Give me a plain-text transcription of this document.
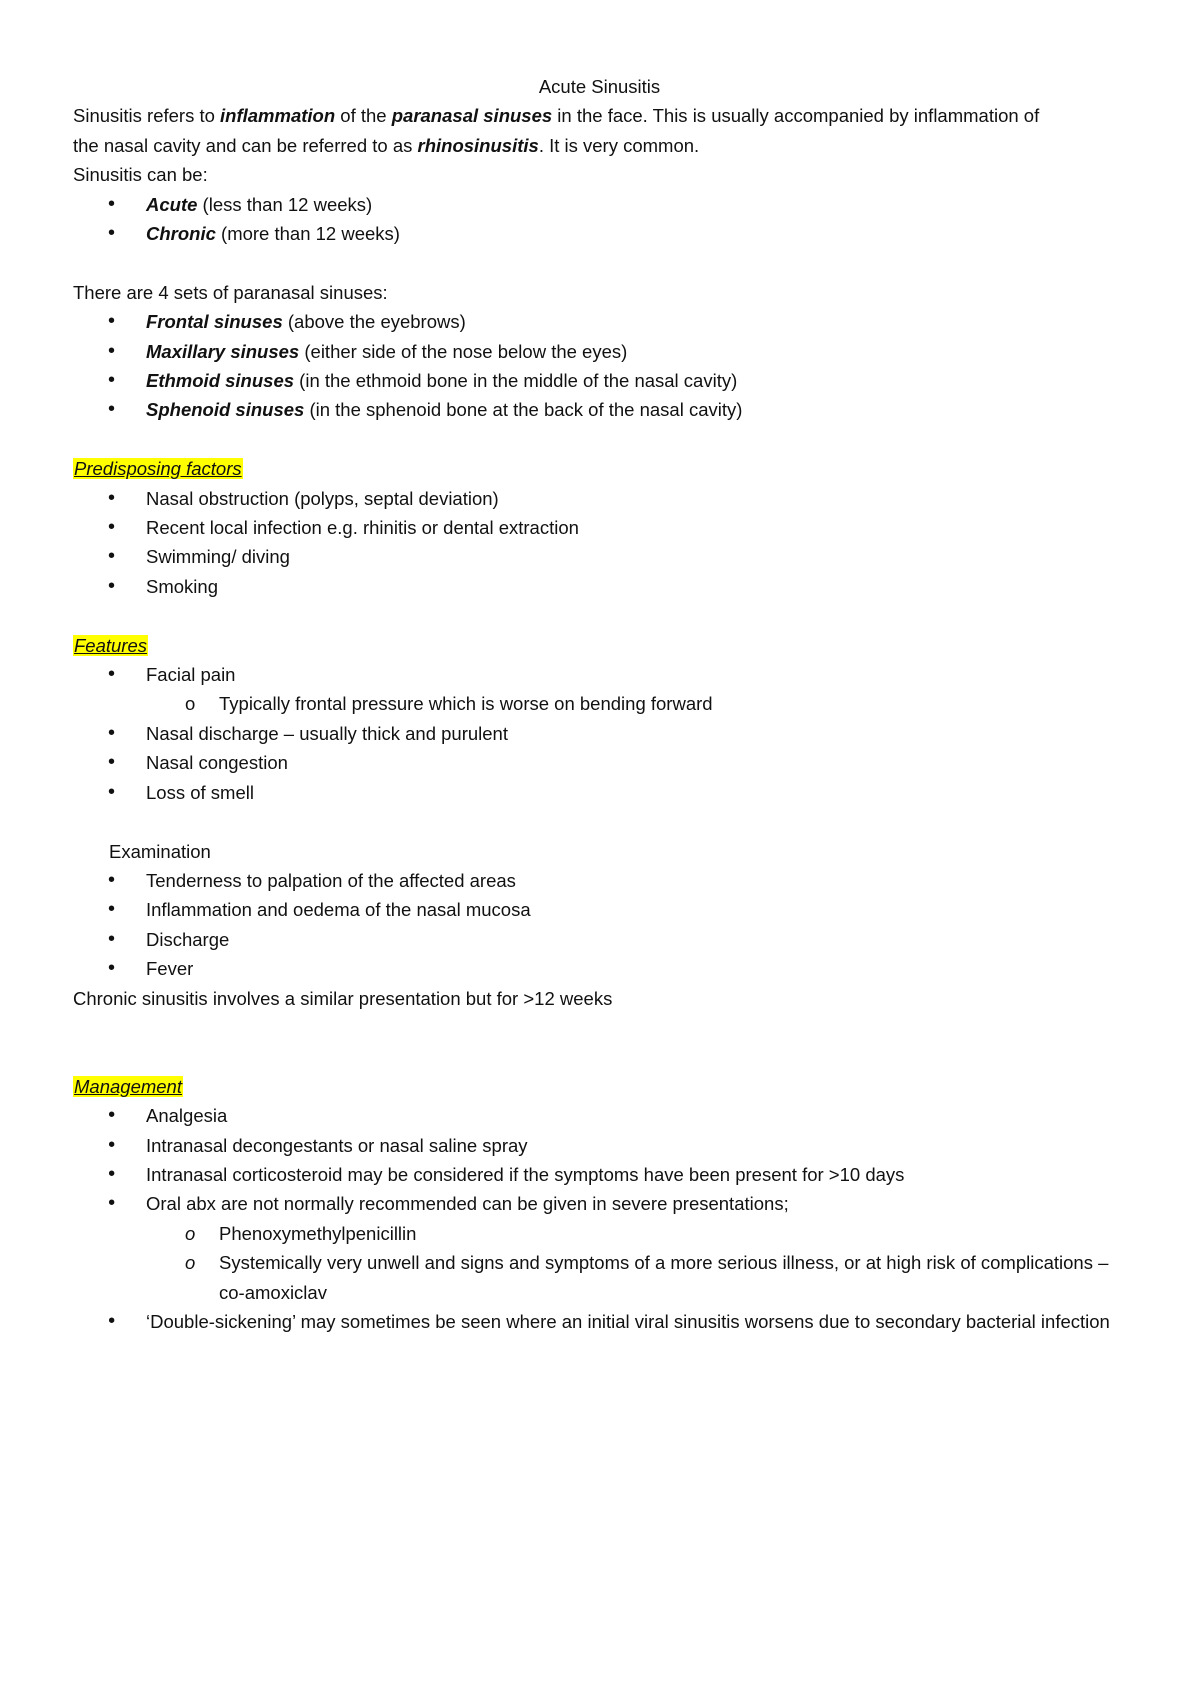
Acute Sinusitis

Sinusitis refers to inflammation of the paranasal sinuses in the face. This is usually accompanied by inflammation of

the nasal cavity and can be referred to as rhinosinusitis. It is very common.

Sinusitis can be:

• Acute (less than 12 weeks)
• Chronic (more than 12 weeks)

There are 4 sets of paranasal sinuses:

• Frontal sinuses (above the eyebrows)
• Maxillary sinuses (either side of the nose below the eyes)
• Ethmoid sinuses (in the ethmoid bone in the middle of the nasal cavity)
• Sphenoid sinuses (in the sphenoid bone at the back of the nasal cavity)

Predisposing factors

• Nasal obstruction (polyps, septal deviation)
• Recent local infection e.g. rhinitis or dental extraction
• Swimming/ diving
• Smoking

Features

• Facial pain
o Typically frontal pressure which is worse on bending forward
• Nasal discharge – usually thick and purulent
• Nasal congestion
• Loss of smell

Examination

• Tenderness to palpation of the affected areas
• Inflammation and oedema of the nasal mucosa
• Discharge
• Fever

Chronic sinusitis involves a similar presentation but for >12 weeks

Management

• Analgesia
• Intranasal decongestants or nasal saline spray
• Intranasal corticosteroid may be considered if the symptoms have been present for >10 days
• Oral abx are not normally recommended can be given in severe presentations;
o Phenoxymethylpenicillin
o Systemically very unwell and signs and symptoms of a more serious illness, or at high risk of complications – co-amoxiclav
• ‘Double-sickening’ may sometimes be seen where an initial viral sinusitis worsens due to secondary bacterial infection
